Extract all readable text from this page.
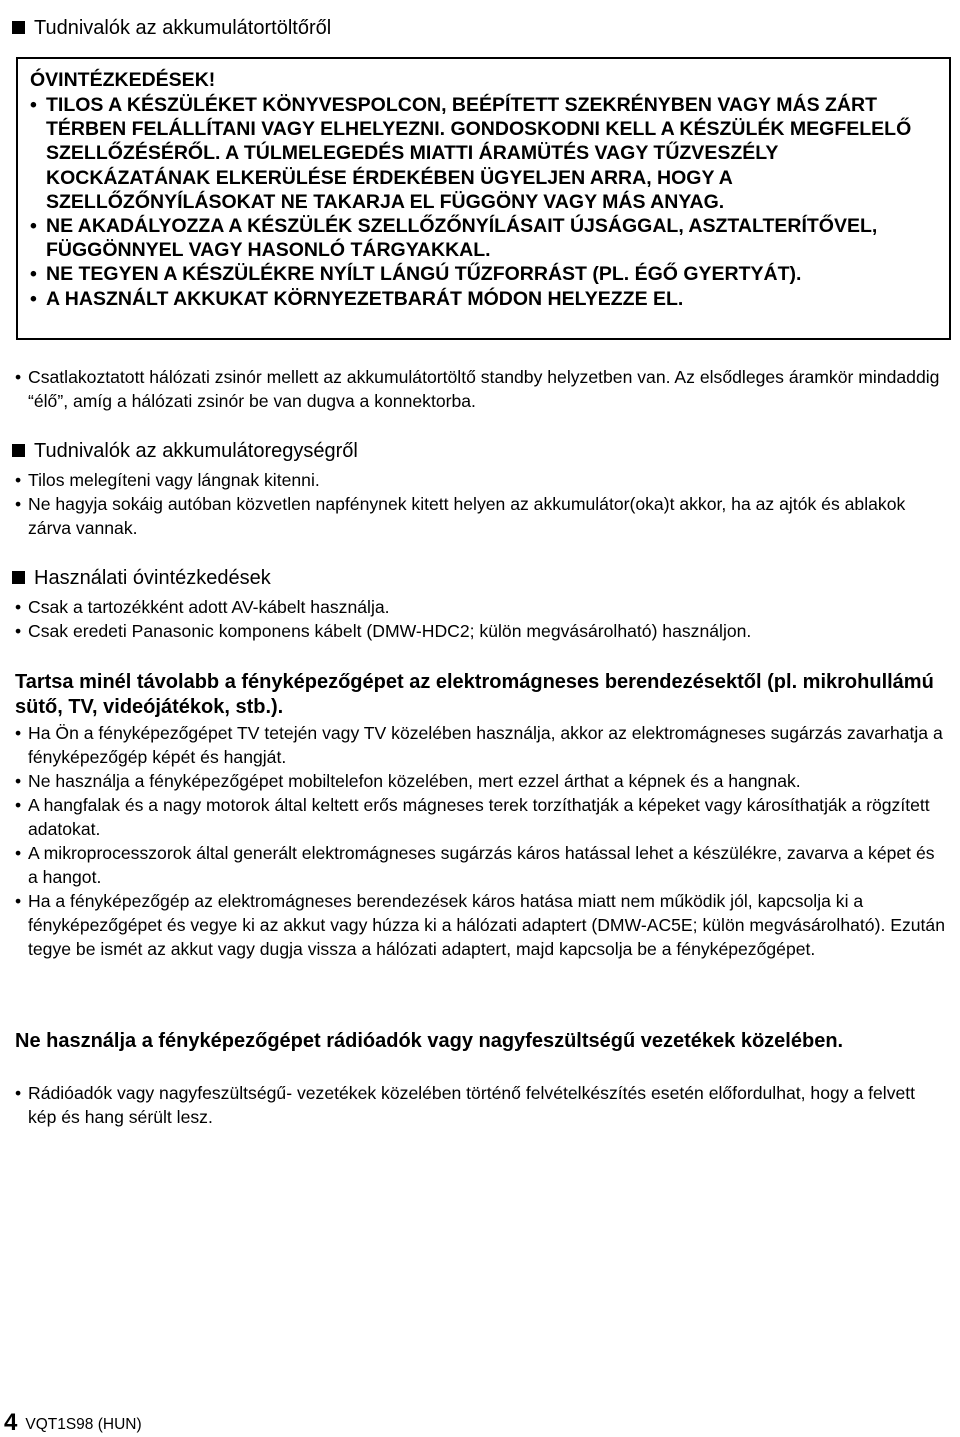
Tudnivalók az akkumulátortöltőről
ÓVINTÉZKEDÉSEK!
• TILOS A KÉSZÜLÉKET KÖNYVESPOLCON, BEÉPÍTETT SZEKRÉNYBEN VAGY MÁS ZÁRT TÉRBEN FELÁLLÍTANI VAGY ELHELYEZNI. GONDOSKODNI KELL A KÉSZÜLÉK MEGFELELŐ SZELLŐZÉSÉRŐL. A TÚLMELEGEDÉS MIATTI ÁRAMÜTÉS VAGY TŰZVESZÉLY KOCKÁZATÁNAK ELKERÜLÉSE ÉRDEKÉBEN ÜGYELJEN ARRA, HOGY A SZELLŐZŐNYÍLÁSOKAT NE TAKARJA EL FÜGGÖNY VAGY MÁS ANYAG.
• NE AKADÁLYOZZA A KÉSZÜLÉK SZELLŐZŐNYÍLÁSAIT ÚJSÁGGAL, ASZTALTERÍTŐVEL, FÜGGÖNNYEL VAGY HASONLÓ TÁRGYAKKAL.
• NE TEGYEN A KÉSZÜLÉKRE NYÍLT LÁNGÚ TŰZFORRÁST (PL. ÉGŐ GYERTYÁT).
• A HASZNÁLT AKKUKAT KÖRNYEZETBARÁT MÓDON HELYEZZE EL.
• Csatlakoztatott hálózati zsinór mellett az akkumulátortöltő standby helyzetben van. Az elsődleges áramkör mindaddig “élő”, amíg a hálózati zsinór be van dugva a konnektorba.
Tudnivalók az akkumulátoregységről
• Tilos melegíteni vagy lángnak kitenni.
• Ne hagyja sokáig autóban közvetlen napfénynek kitett helyen az akkumulátor(oka)t akkor, ha az ajtók és ablakok zárva vannak.
Használati óvintézkedések
• Csak a tartozékként adott AV-kábelt használja.
• Csak eredeti Panasonic komponens kábelt (DMW-HDC2; külön megvásárolható) használjon.
Tartsa minél távolabb a fényképezőgépet az elektromágneses berendezésektől (pl. mikrohullámú sütő, TV, videójátékok, stb.).
• Ha Ön a fényképezőgépet TV tetején vagy TV közelében használja, akkor az elektromágneses sugárzás zavarhatja a fényképezőgép képét és hangját.
• Ne használja a fényképezőgépet mobiltelefon közelében, mert ezzel árthat a képnek és a hangnak.
• A hangfalak és a nagy motorok által keltett erős mágneses terek torzíthatják a képeket vagy károsíthatják a rögzített adatokat.
• A mikroprocesszorok által generált elektromágneses sugárzás káros hatással lehet a készülékre, zavarva a képet és a hangot.
• Ha a fényképezőgép az elektromágneses berendezések káros hatása miatt nem működik jól, kapcsolja ki a fényképezőgépet és vegye ki az akkut vagy húzza ki a hálózati adaptert (DMW-AC5E; külön megvásárolható). Ezután tegye be ismét az akkut vagy dugja vissza a hálózati adaptert, majd kapcsolja be a fényképezőgépet.
Ne használja a fényképezőgépet rádióadók vagy nagyfeszültségű vezetékek közelében.
• Rádióadók vagy nagyfeszültségű- vezetékek közelében történő felvételkészítés esetén előfordulhat, hogy a felvett kép és hang sérült lesz.
4 VQT1S98 (HUN)
